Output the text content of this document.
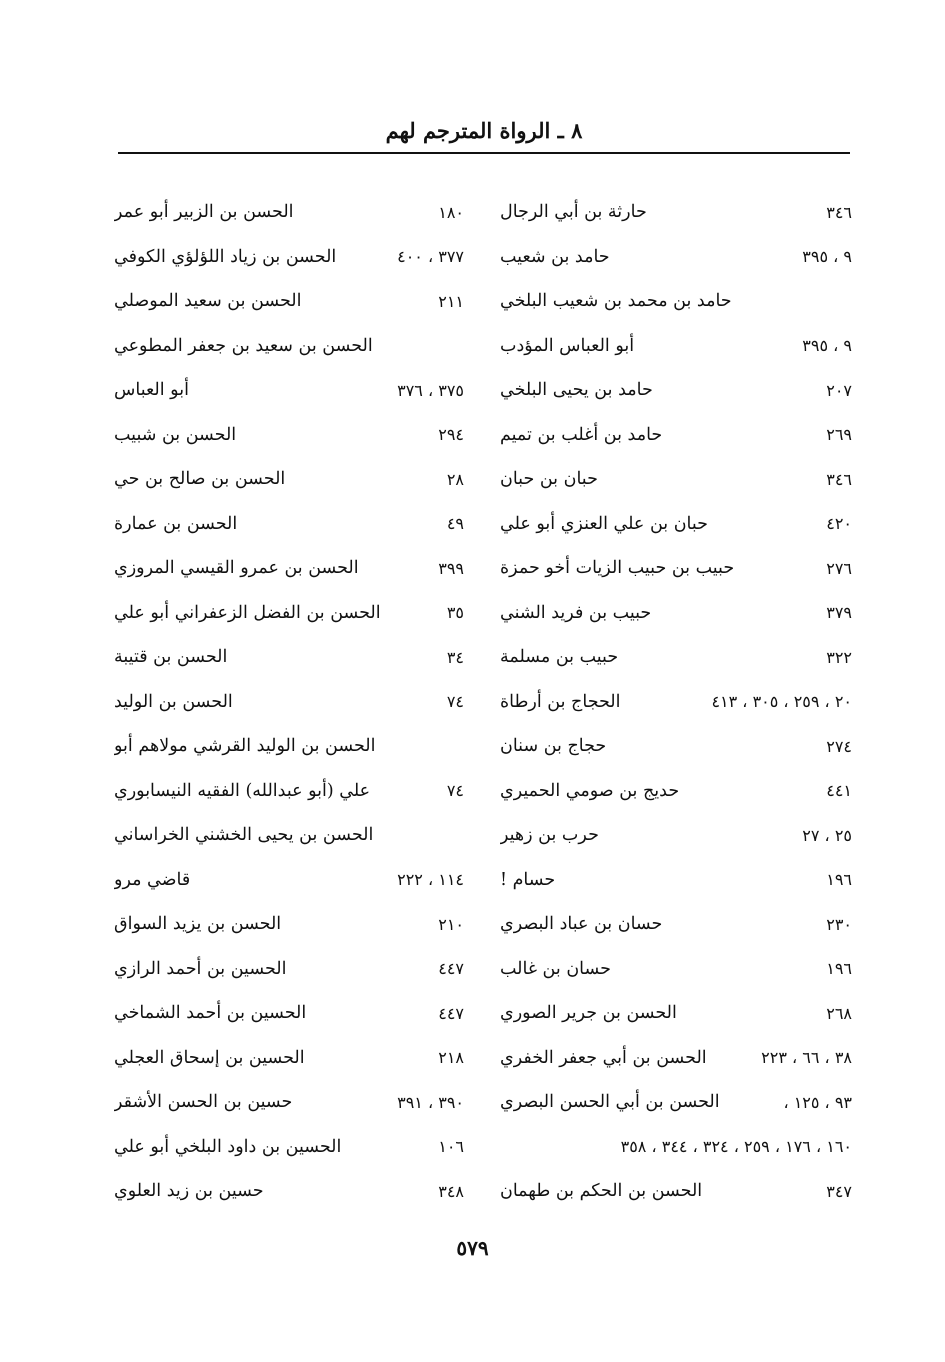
٨ ـ الرواة المترجم لهم
حارثة بن أبي الرجال	٣٤٦
حامد بن شعيب	٩ ، ٣٩٥
حامد بن محمد بن شعيب البلخي
أبو العباس المؤدب	٩ ، ٣٩٥
حامد بن يحيى البلخي	٢٠٧
حامد بن أغلب بن تميم	٢٦٩
حبان بن حبان	٣٤٦
حبان بن علي العنزي أبو علي	٤٢٠
حبيب بن حبيب الزيات أخو حمزة	٢٧٦
حبيب بن فريد الشني	٣٧٩
حبيب بن مسلمة	٣٢٢
الحجاج بن أرطاة	٢٠ ، ٢٥٩ ، ٣٠٥ ، ٤١٣
حجاج بن سنان	٢٧٤
حديج بن صومي الحميري	٤٤١
حرب بن زهير	٢٥ ، ٢٧
حسام !	١٩٦
حسان بن عباد البصري	٢٣٠
حسان بن غالب	١٩٦
الحسن بن جرير الصوري	٢٦٨
الحسن بن أبي جعفر الخفري	٣٨ ، ٦٦ ، ٢٢٣
الحسن بن أبي الحسن البصري	٩٣ ، ١٢٥ ،
١٦٠ ، ١٧٦ ، ٢٥٩ ، ٣٢٤ ، ٣٤٤ ، ٣٥٨
الحسن بن الحكم بن طهمان	٣٤٧
الحسن بن الزبير أبو عمر	١٨٠
الحسن بن زياد اللؤلؤي الكوفي	٣٧٧ ، ٤٠٠
الحسن بن سعيد الموصلي	٢١١
الحسن بن سعيد بن جعفر المطوعي
أبو العباس	٣٧٥ ، ٣٧٦
الحسن بن شبيب	٢٩٤
الحسن بن صالح بن حي	٢٨
الحسن بن عمارة	٤٩
الحسن بن عمرو القيسي المروزي	٣٩٩
الحسن بن الفضل الزعفراني أبو علي	٣٥
الحسن بن قتيبة	٣٤
الحسن بن الوليد	٧٤
الحسن بن الوليد القرشي مولاهم أبو
علي (أبو عبدالله) الفقيه النيسابوري	٧٤
الحسن بن يحيى الخشني الخراساني
قاضي مرو	١١٤ ، ٢٢٢
الحسن بن يزيد السواق	٢١٠
الحسين بن أحمد الرازي	٤٤٧
الحسين بن أحمد الشماخي	٤٤٧
الحسين بن إسحاق العجلي	٢١٨
حسين بن الحسن الأشقر	٣٩٠ ، ٣٩١
الحسين بن داود البلخي أبو علي	١٠٦
حسين بن زيد العلوي	٣٤٨
٥٧٩
